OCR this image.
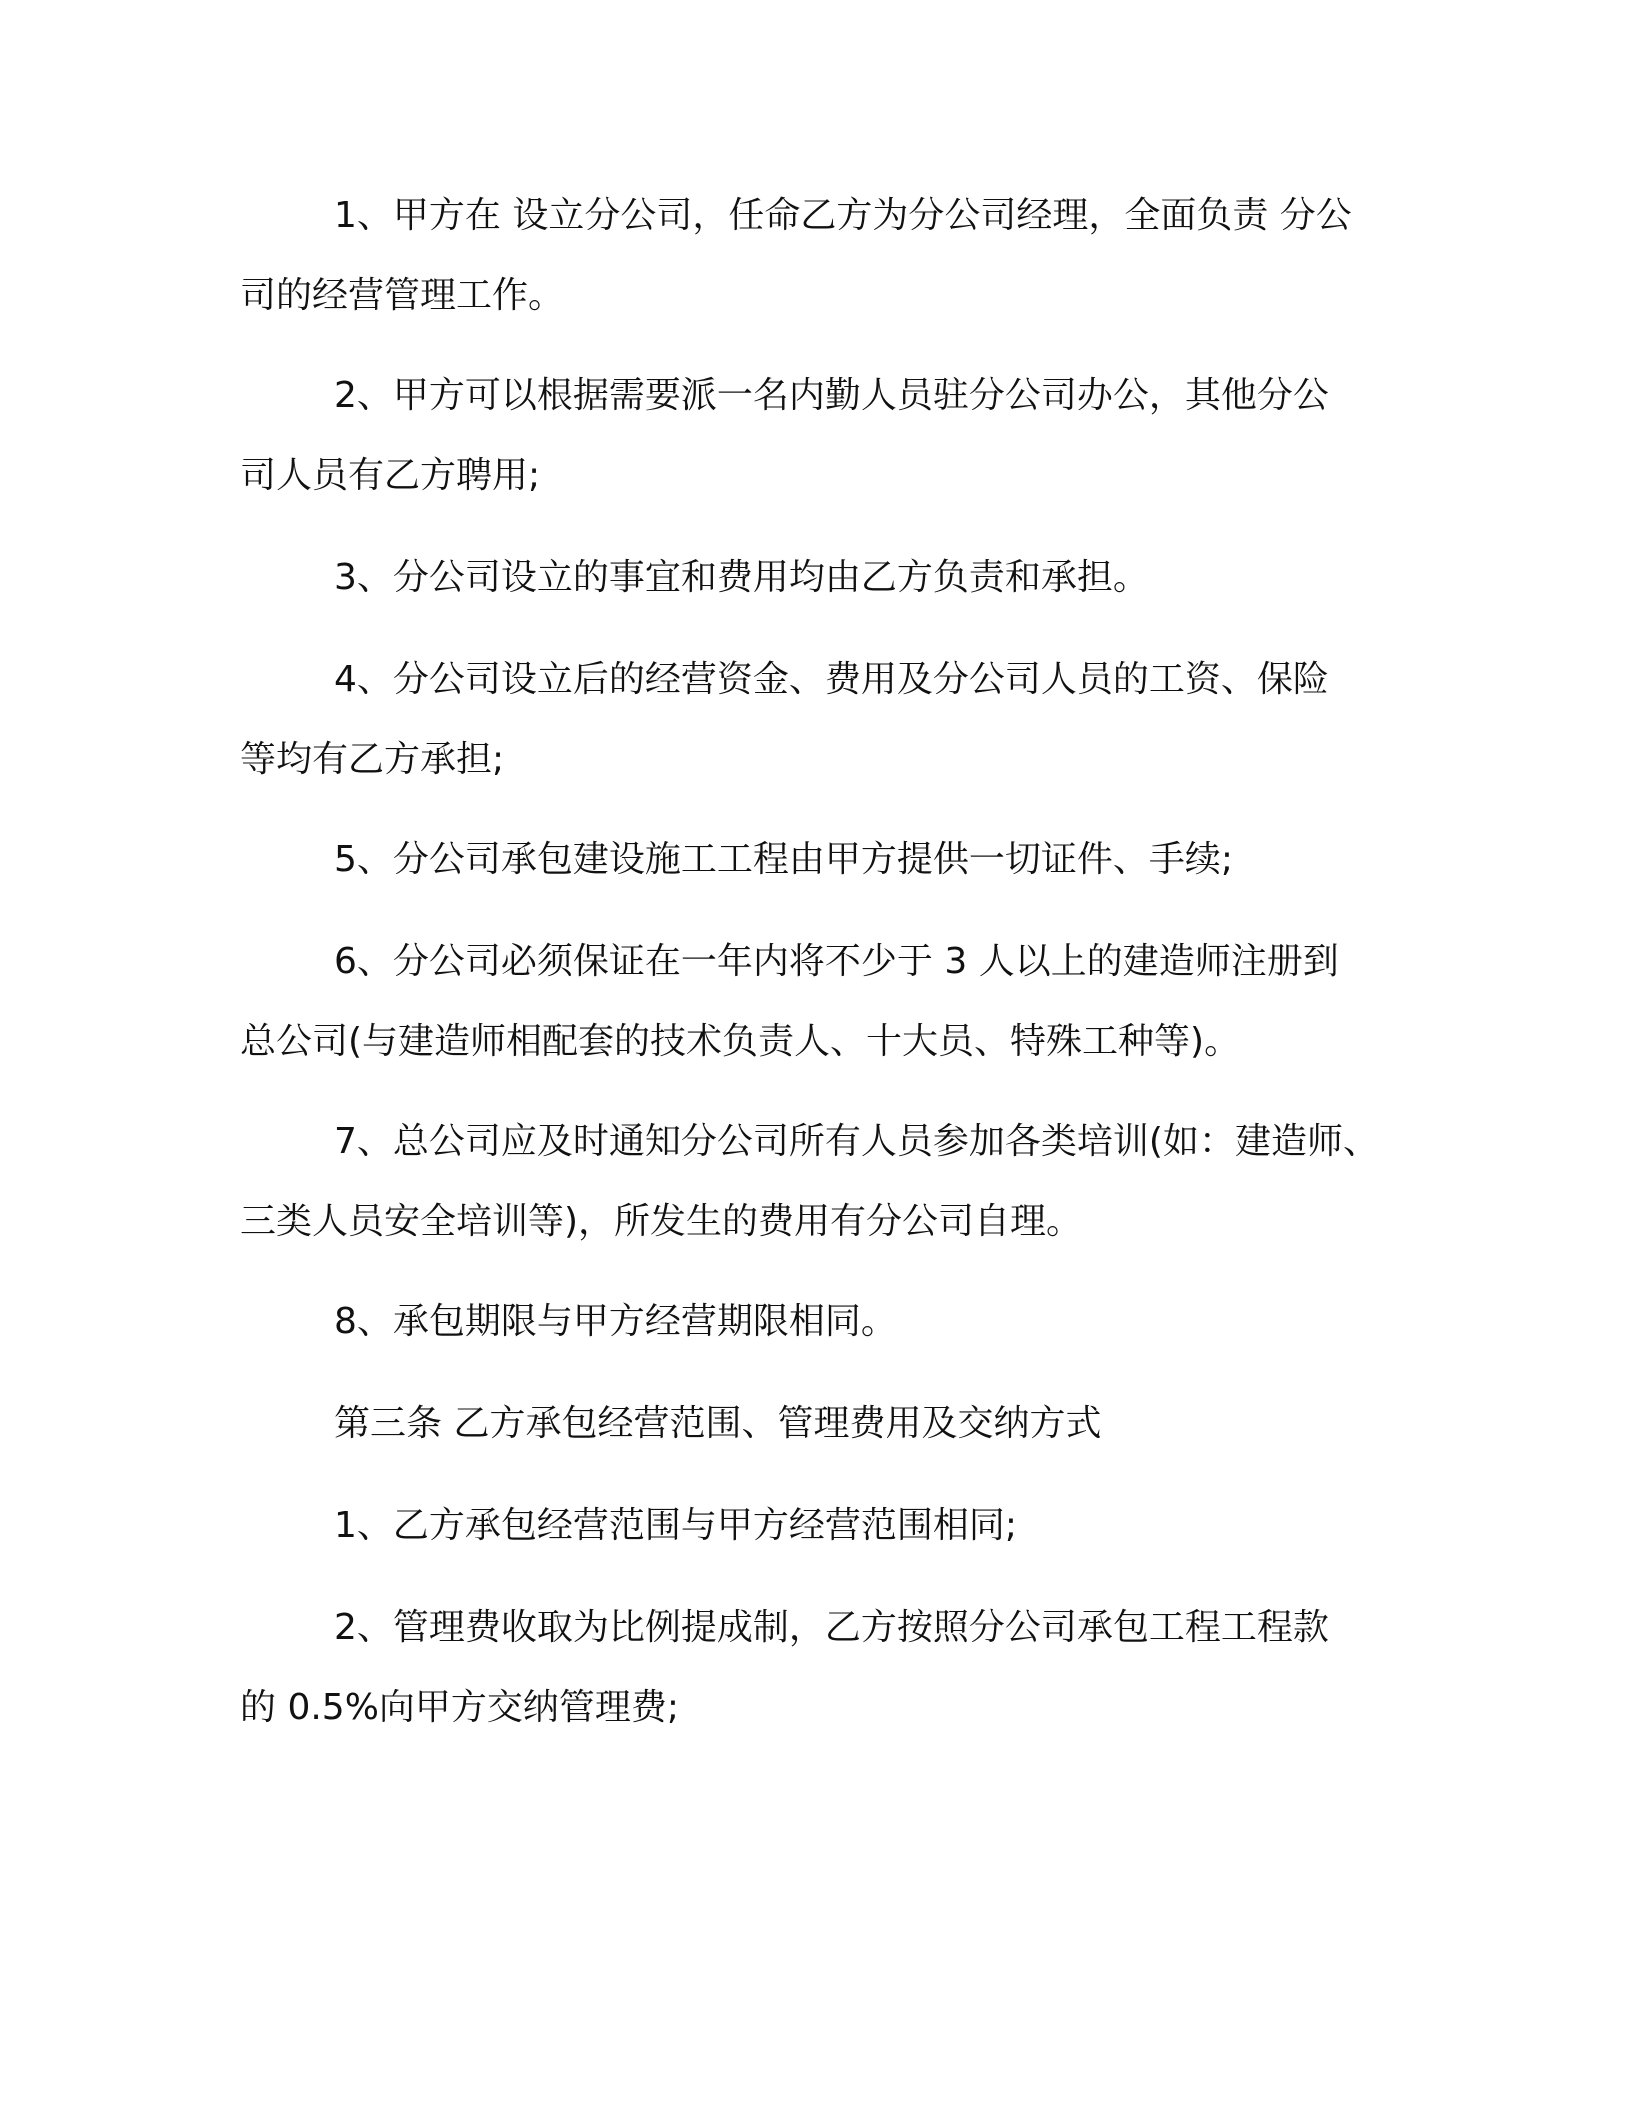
1、甲方在 设立分公司，任命乙方为分公司经理，全面负责 分公
司的经营管理工作。

2、甲方可以根据需要派一名内勤人员驻分公司办公，其他分公
司人员有乙方聘用;

3、分公司设立的事宜和费用均由乙方负责和承担。

4、分公司设立后的经营资金、费用及分公司人员的工资、保险
等均有乙方承担;

5、分公司承包建设施工工程由甲方提供一切证件、手续;

6、分公司必须保证在一年内将不少于 3 人以上的建造师注册到
总公司(与建造师相配套的技术负责人、十大员、特殊工种等)。

7、总公司应及时通知分公司所有人员参加各类培训(如：建造师、
三类人员安全培训等)，所发生的费用有分公司自理。

8、承包期限与甲方经营期限相同。

第三条 乙方承包经营范围、管理费用及交纳方式

1、乙方承包经营范围与甲方经营范围相同;

2、管理费收取为比例提成制，乙方按照分公司承包工程工程款
的 0.5%向甲方交纳管理费;
